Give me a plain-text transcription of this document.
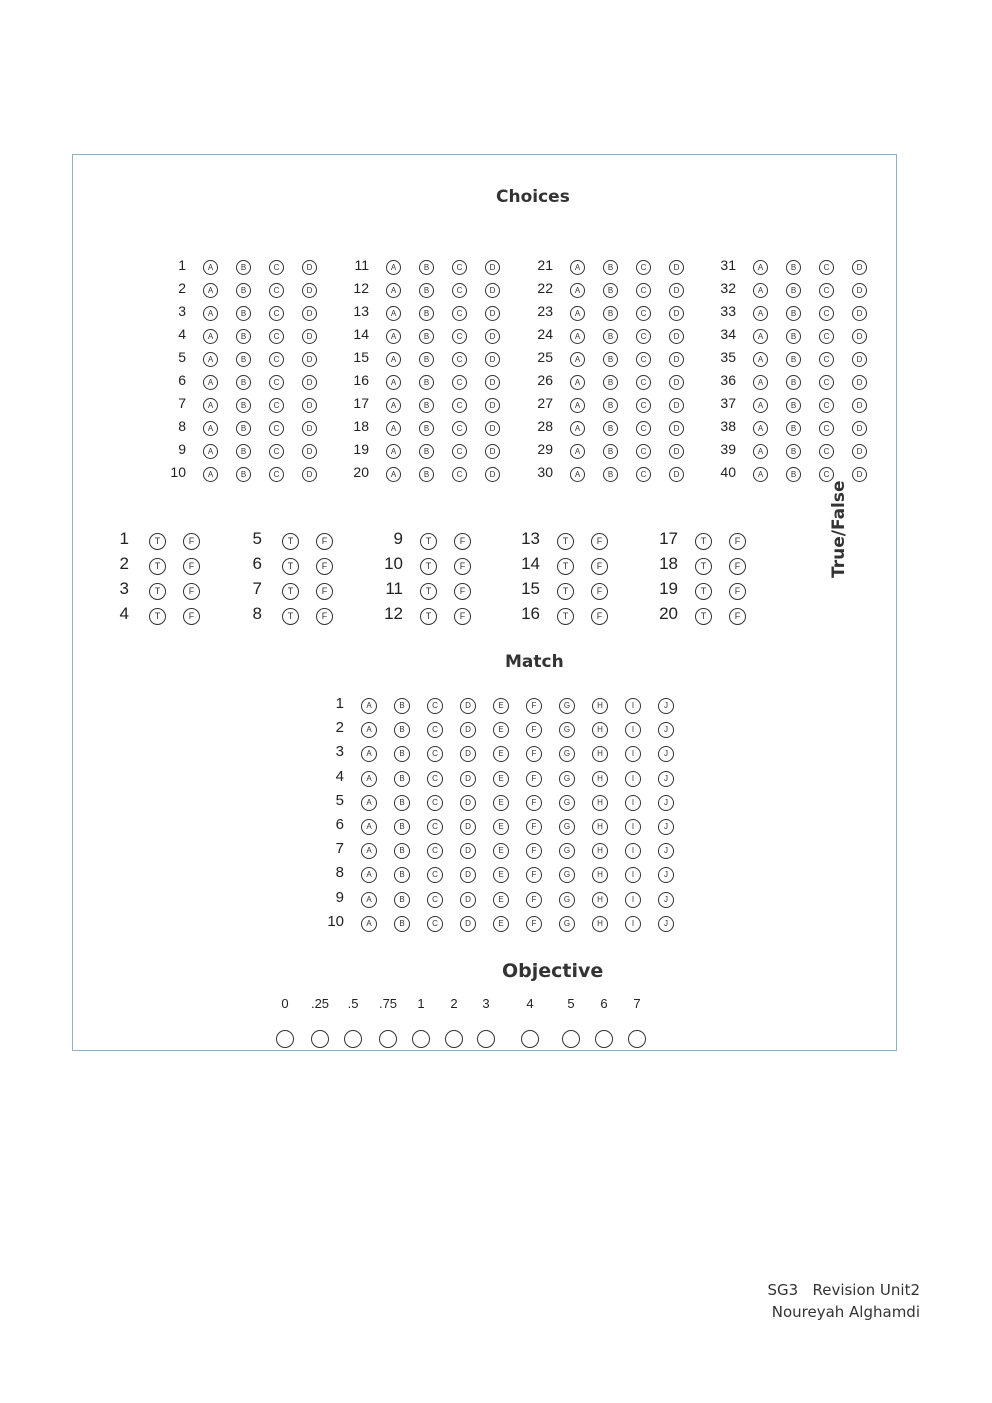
Choices
1	A	B	C	D
2	A	B	C	D
3	A	B	C	D
4	A	B	C	D
5	A	B	C	D
6	A	B	C	D
7	A	B	C	D
8	A	B	C	D
9	A	B	C	D
10	A	B	C	D
11	A	B	C	D
12	A	B	C	D
13	A	B	C	D
14	A	B	C	D
15	A	B	C	D
16	A	B	C	D
17	A	B	C	D
18	A	B	C	D
19	A	B	C	D
20	A	B	C	D
21	A	B	C	D
22	A	B	C	D
23	A	B	C	D
24	A	B	C	D
25	A	B	C	D
26	A	B	C	D
27	A	B	C	D
28	A	B	C	D
29	A	B	C	D
30	A	B	C	D
31	A	B	C	D
32	A	B	C	D
33	A	B	C	D
34	A	B	C	D
35	A	B	C	D
36	A	B	C	D
37	A	B	C	D
38	A	B	C	D
39	A	B	C	D
40	A	B	C	D
1	T	F
2	T	F
3	T	F
4	T	F
5	T	F
6	T	F
7	T	F
8	T	F
9	T	F
10	T	F
11	T	F
12	T	F
13	T	F
14	T	F
15	T	F
16	T	F
17	T	F
18	T	F
19	T	F
20	T	F
True/False
Match
1	A	B	C	D	E	F	G	H	I	J
2	A	B	C	D	E	F	G	H	I	J
3	A	B	C	D	E	F	G	H	I	J
4	A	B	C	D	E	F	G	H	I	J
5	A	B	C	D	E	F	G	H	I	J
6	A	B	C	D	E	F	G	H	I	J
7	A	B	C	D	E	F	G	H	I	J
8	A	B	C	D	E	F	G	H	I	J
9	A	B	C	D	E	F	G	H	I	J
10	A	B	C	D	E	F	G	H	I	J
Objective
0	.25	.5	.75	1	2	3	4	5	6	7
SG3   Revision Unit2
Noureyah Alghamdi
